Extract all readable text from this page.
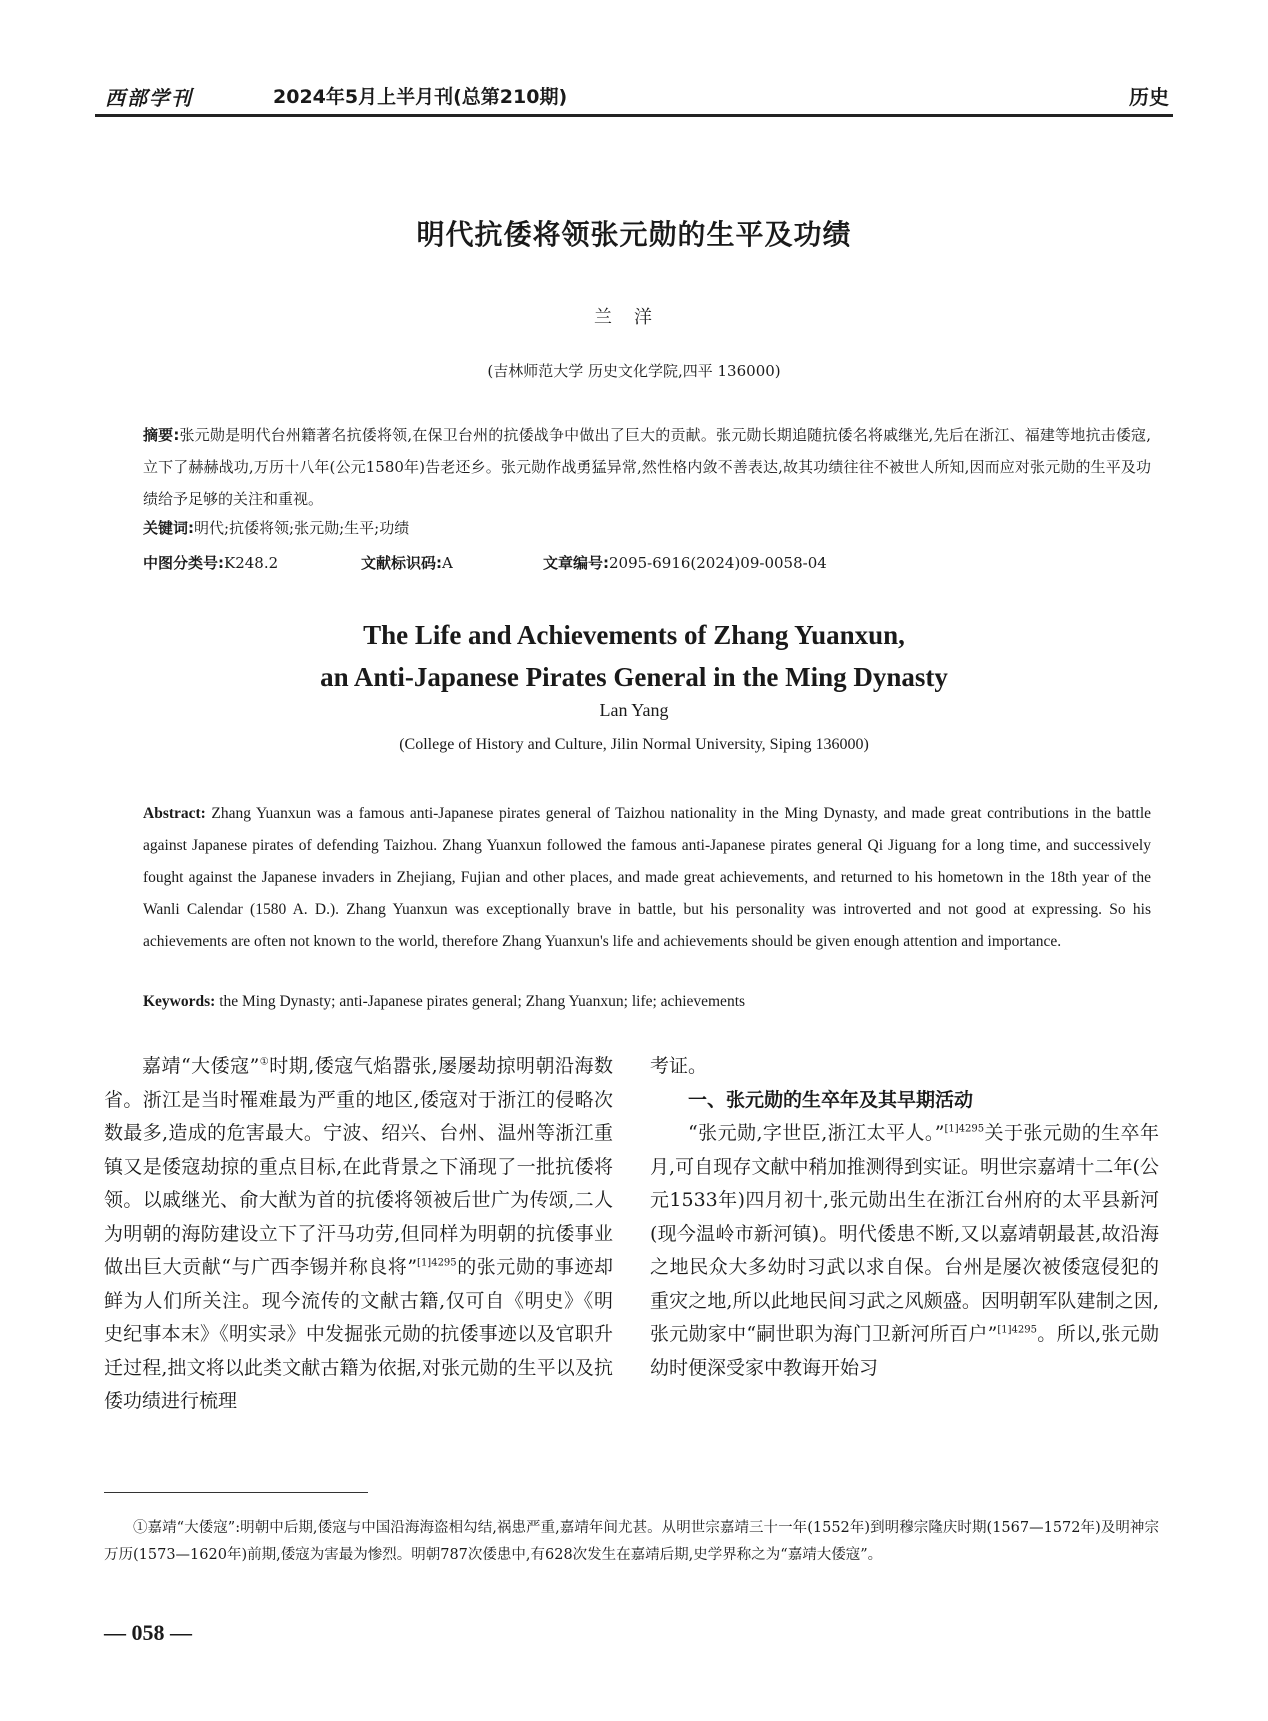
西部学刊	2024年5月上半月刊(总第210期)	历史
明代抗倭将领张元勋的生平及功绩
兰洋
(吉林师范大学 历史文化学院,四平 136000)
摘要:张元勋是明代台州籍著名抗倭将领,在保卫台州的抗倭战争中做出了巨大的贡献。张元勋长期追随抗倭名将戚继光,先后在浙江、福建等地抗击倭寇,立下了赫赫战功,万历十八年(公元1580年)告老还乡。张元勋作战勇猛异常,然性格内敛不善表达,故其功绩往往不被世人所知,因而应对张元勋的生平及功绩给予足够的关注和重视。
关键词:明代;抗倭将领;张元勋;生平;功绩
中图分类号:K248.2	文献标识码:A	文章编号:2095-6916(2024)09-0058-04
The Life and Achievements of Zhang Yuanxun,
an Anti-Japanese Pirates General in the Ming Dynasty
Lan Yang
(College of History and Culture, Jilin Normal University, Siping 136000)
Abstract: Zhang Yuanxun was a famous anti-Japanese pirates general of Taizhou nationality in the Ming Dynasty, and made great contributions in the battle against Japanese pirates of defending Taizhou. Zhang Yuanxun followed the famous anti-Japanese pirates general Qi Jiguang for a long time, and successively fought against the Japanese invaders in Zhejiang, Fujian and other places, and made great achievements, and returned to his hometown in the 18th year of the Wanli Calendar (1580 A. D.). Zhang Yuanxun was exceptionally brave in battle, but his personality was introverted and not good at expressing. So his achievements are often not known to the world, therefore Zhang Yuanxun's life and achievements should be given enough attention and importance.
Keywords: the Ming Dynasty; anti-Japanese pirates general; Zhang Yuanxun; life; achievements

嘉靖“大倭寇”①时期,倭寇气焰嚣张,屡屡劫掠明朝沿海数省。浙江是当时罹难最为严重的地区,倭寇对于浙江的侵略次数最多,造成的危害最大。宁波、绍兴、台州、温州等浙江重镇又是倭寇劫掠的重点目标,在此背景之下涌现了一批抗倭将领。以戚继光、俞大猷为首的抗倭将领被后世广为传颂,二人为明朝的海防建设立下了汗马功劳,但同样为明朝的抗倭事业做出巨大贡献“与广西李锡并称良将”$^{[1]4295}$的张元勋的事迹却鲜为人们所关注。现今流传的文献古籍,仅可自《明史》《明史纪事本末》《明实录》中发掘张元勋的抗倭事迹以及官职升迁过程,拙文将以此类文献古籍为依据,对张元勋的生平以及抗倭功绩进行梳理

考证。

一、张元勋的生卒年及其早期活动

“张元勋,字世臣,浙江太平人。”$^{[1]4295}$关于张元勋的生卒年月,可自现存文献中稍加推测得到实证。明世宗嘉靖十二年(公元1533年)四月初十,张元勋出生在浙江台州府的太平县新河(现今温岭市新河镇)。明代倭患不断,又以嘉靖朝最甚,故沿海之地民众大多幼时习武以求自保。台州是屡次被倭寇侵犯的重灾之地,所以此地民间习武之风颇盛。因明朝军队建制之因,张元勋家中“嗣世职为海门卫新河所百户”$^{[1]4295}$。所以,张元勋幼时便深受家中教诲开始习

①嘉靖“大倭寇”:明朝中后期,倭寇与中国沿海海盗相勾结,祸患严重,嘉靖年间尤甚。从明世宗嘉靖三十一年(1552年)到明穆宗隆庆时期(1567—1572年)及明神宗万历(1573—1620年)前期,倭寇为害最为惨烈。明朝787次倭患中,有628次发生在嘉靖后期,史学界称之为“嘉靖大倭寇”。

— 058 —
